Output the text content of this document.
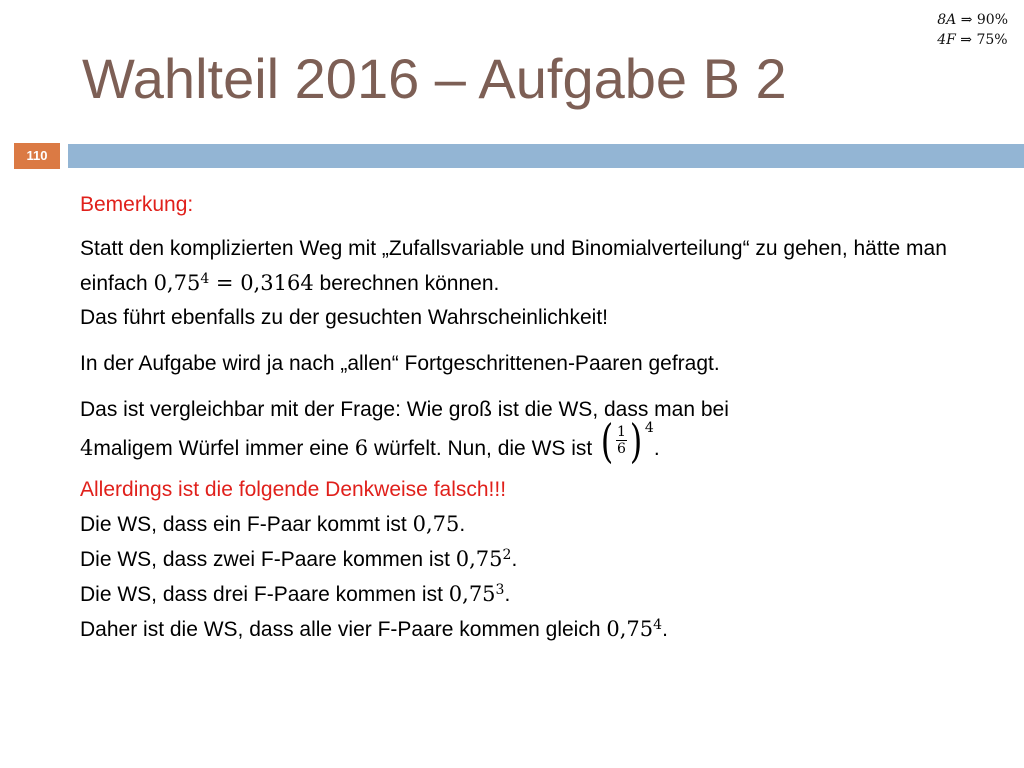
8A ⇒ 90%
4F ⇒ 75%
Wahlteil 2016 – Aufgabe B 2
110

Bemerkung:

Statt den komplizierten Weg mit „Zufallsvariable und Binomialverteilung“ zu gehen, hätte man einfach $0,75^4 = 0,3164$ berechnen können.

Das führt ebenfalls zu der gesuchten Wahrscheinlichkeit!

In der Aufgabe wird ja nach „allen“ Fortgeschrittenen-Paaren gefragt.

Das ist vergleichbar mit der Frage: Wie groß ist die WS, dass man bei

4maligem Würfel immer eine 6 würfelt. Nun, die WS ist ( $\frac{1}{6}$ ) $^4$.

Allerdings ist die folgende Denkweise falsch!!!

Die WS, dass ein F-Paar kommt ist 0,75.

Die WS, dass zwei F-Paare kommen ist 0,75$^2$.

Die WS, dass drei F-Paare kommen ist 0,75$^3$.

Daher ist die WS, dass alle vier F-Paare kommen gleich 0,75$^4$.
